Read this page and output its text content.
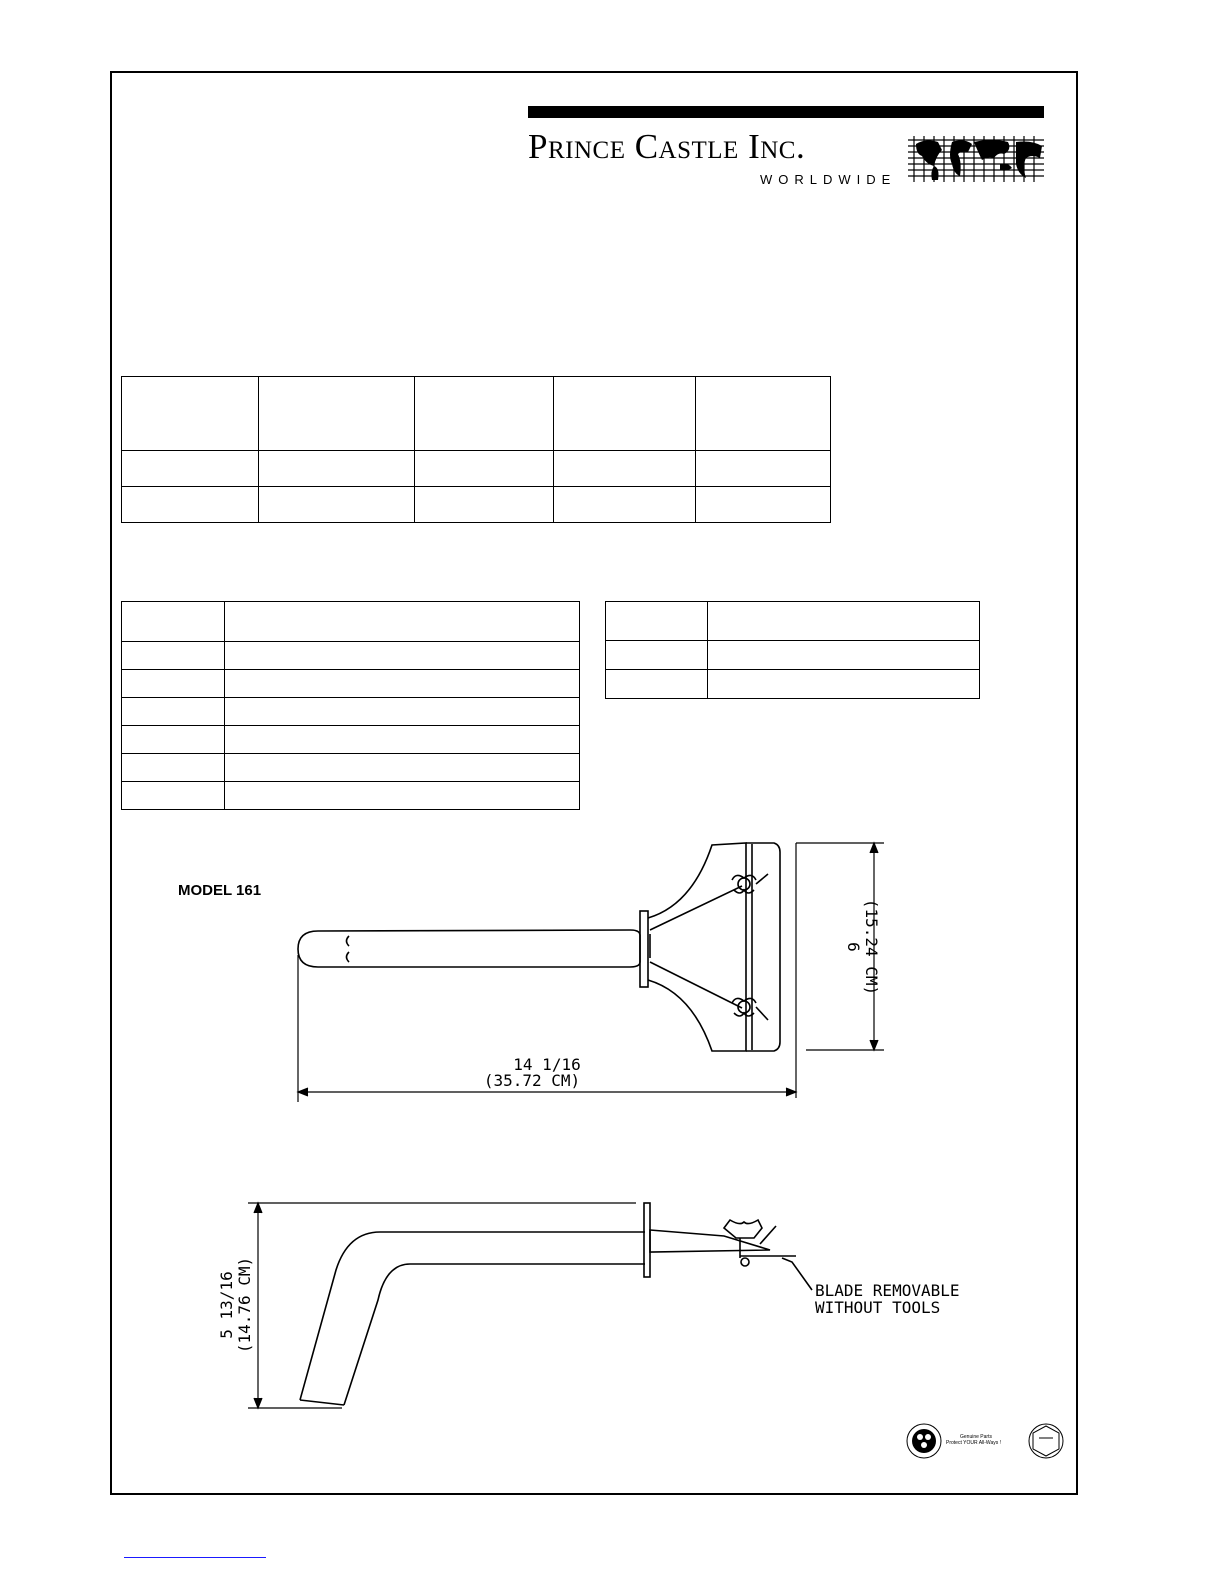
Prince Castle Inc.
WORLDWIDE

MODEL 161
6 (15.24 CM)
14 1/16
(35.72 CM)
5 13/16 (14.76 CM)	BLADE REMOVABLE
WITHOUT TOOLS
Genuine Parts
Protect YOUR All-Ways !
